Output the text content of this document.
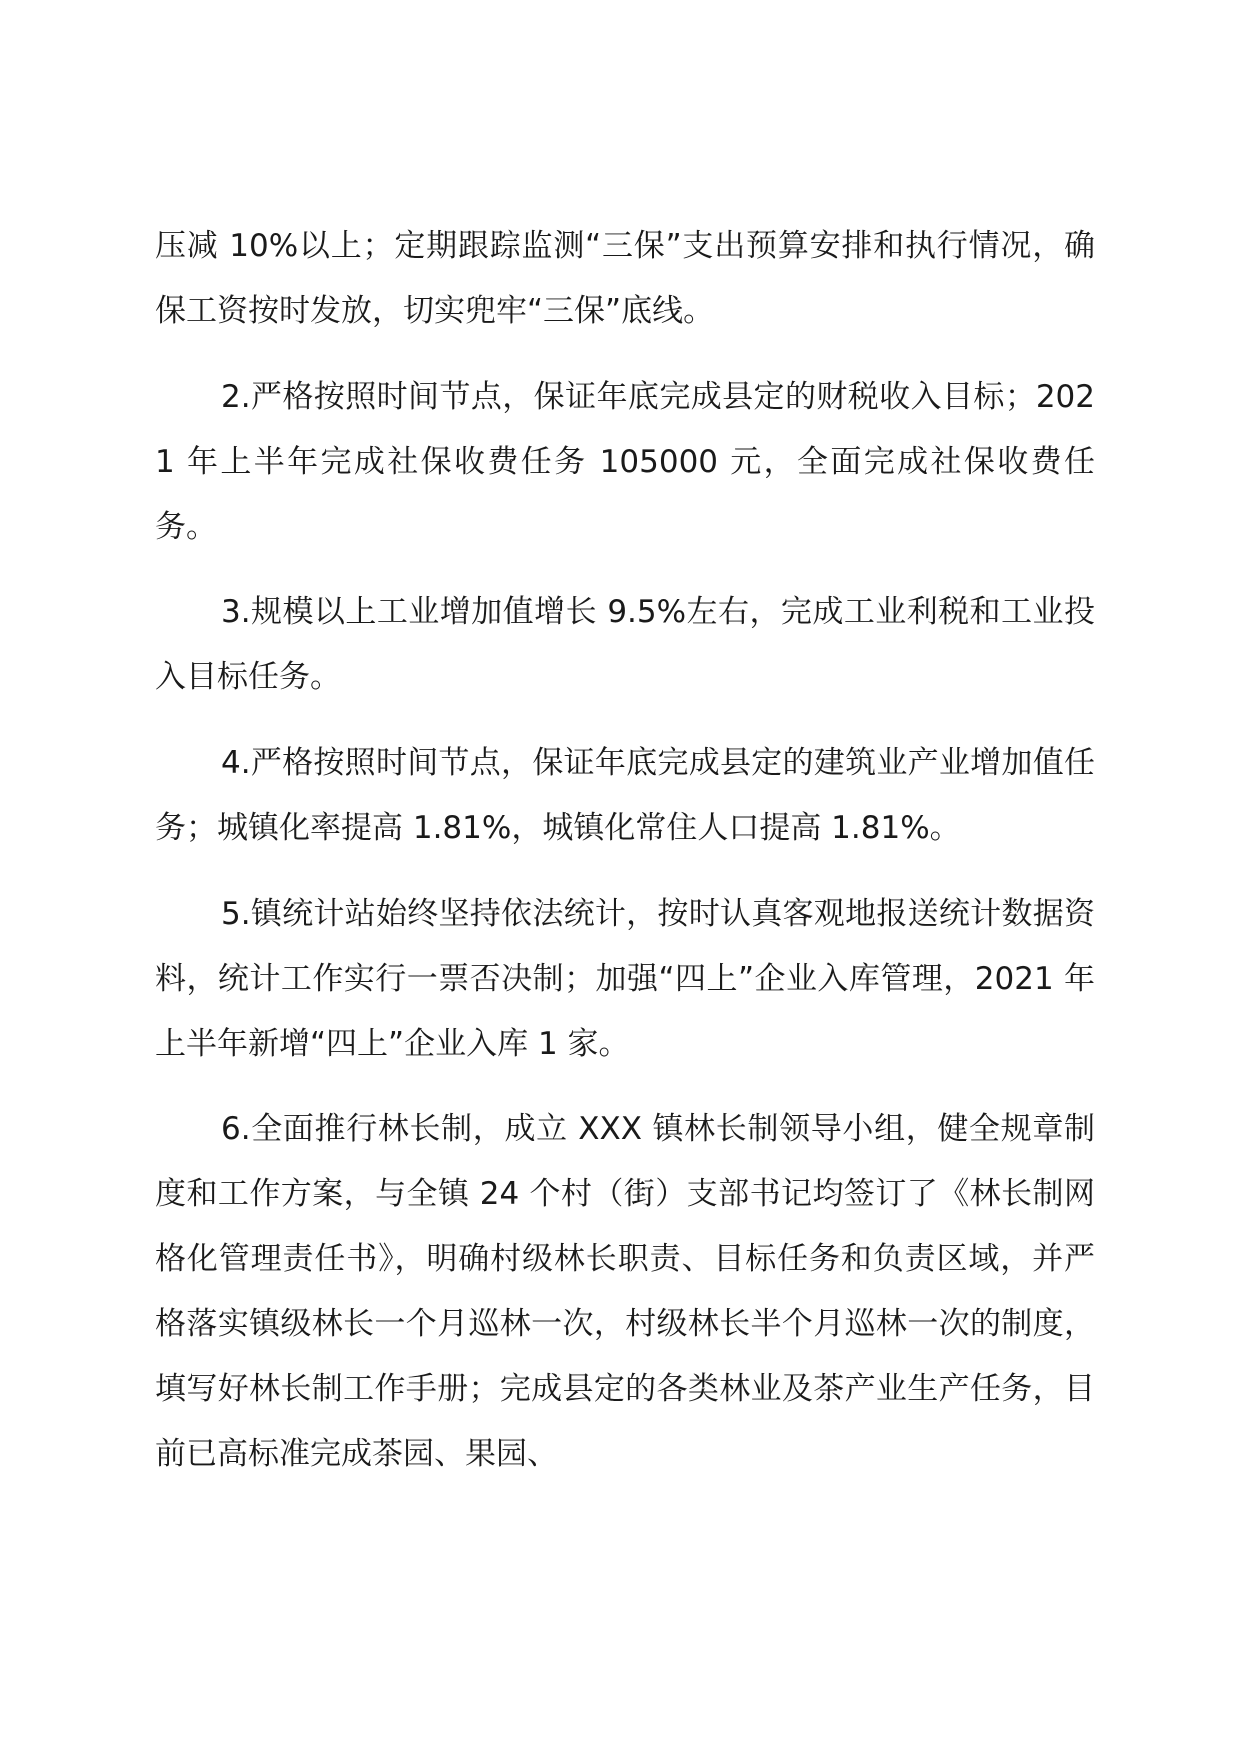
压减 10%以上；定期跟踪监测“三保”支出预算安排和执行情况，确保工资按时发放，切实兜牢“三保”底线。

2.严格按照时间节点，保证年底完成县定的财税收入目标；2021 年上半年完成社保收费任务 105000 元，全面完成社保收费任务。

3.规模以上工业增加值增长 9.5%左右，完成工业利税和工业投入目标任务。

4.严格按照时间节点，保证年底完成县定的建筑业产业增加值任务；城镇化率提高 1.81%，城镇化常住人口提高 1.81%。

5.镇统计站始终坚持依法统计，按时认真客观地报送统计数据资料，统计工作实行一票否决制；加强“四上”企业入库管理，2021 年上半年新增“四上”企业入库 1 家。

6.全面推行林长制，成立 XXX 镇林长制领导小组，健全规章制度和工作方案，与全镇 24 个村（街）支部书记均签订了《林长制网格化管理责任书》，明确村级林长职责、目标任务和负责区域，并严格落实镇级林长一个月巡林一次，村级林长半个月巡林一次的制度，填写好林长制工作手册；完成县定的各类林业及茶产业生产任务，目前已高标准完成茶园、果园、
